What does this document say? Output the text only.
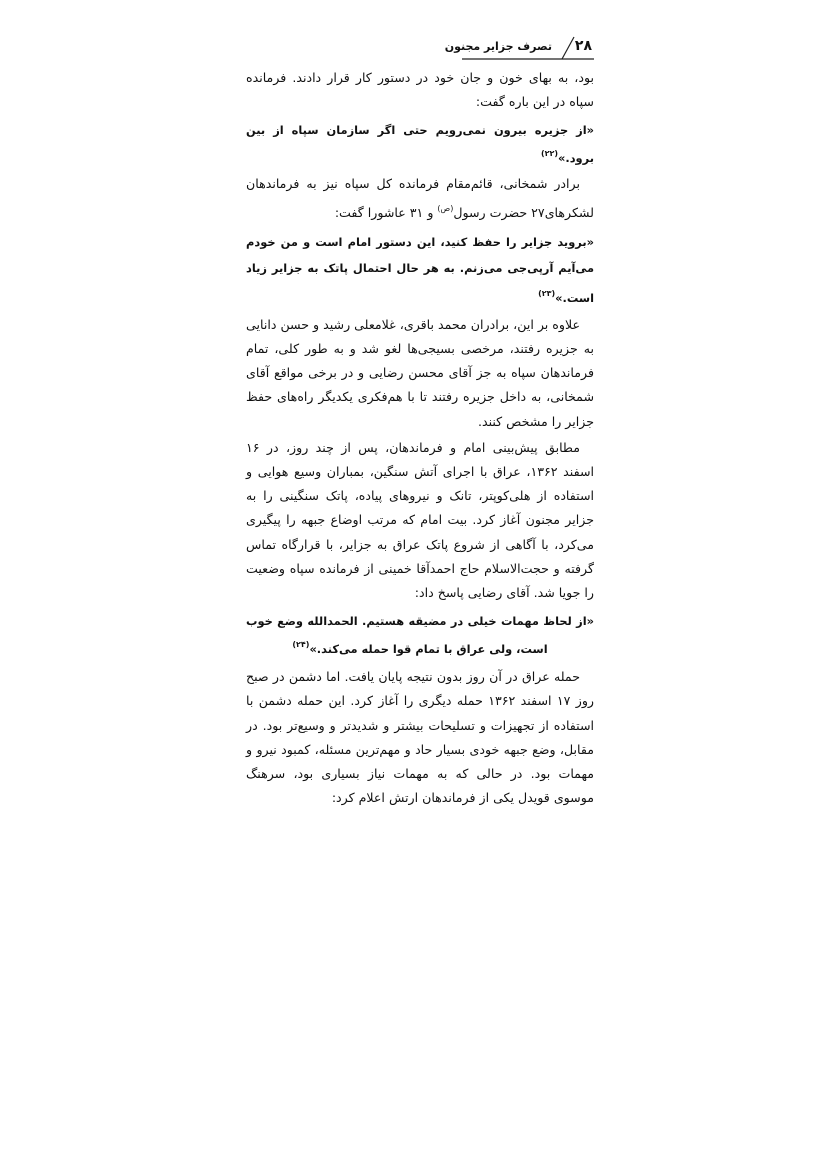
۲۸
تصرف جزایر مجنون

بود، به بهای خون و جان خود در دستور کار قرار دادند. فرمانده سپاه در این باره گفت:

«از جزیره بیرون نمی‌رویم حتی اگر سازمان سپاه از بین برود.»$^{(۲۲)}$

برادر شمخانی، قائم‌مقام فرمانده کل سپاه نیز به فرماندهان لشکرهای۲۷ حضرت رسول$^{(ص)}$ و ۳۱ عاشورا گفت:

«بروید جزایر را حفظ کنید، این دستور امام است و من خودم می‌آیم آرپی‌جی می‌زنم. به هر حال احتمال پاتک به جزایر زیاد است.»$^{(۲۳)}$

علاوه بر این، برادران محمد باقری، غلامعلی رشید و حسن دانایی به جزیره رفتند، مرخصی بسیجی‌ها لغو شد و به طور کلی، تمام فرماندهان سپاه به جز آقای محسن رضایی و در برخی مواقع آقای شمخانی، به داخل جزیره رفتند تا با هم‌فکری یکدیگر راه‌های حفظ جزایر را مشخص کنند.

مطابق پیش‌بینی امام و فرماندهان، پس از چند روز، در ۱۶ اسفند ۱۳۶۲، عراق با اجرای آتش سنگین، بمباران وسیع هوایی و استفاده از هلی‌کوپتر، تانک و نیروهای پیاده، پاتک سنگینی را به جزایر مجنون آغاز کرد. بیت امام که مرتب اوضاع جبهه را پیگیری می‌کرد، با آگاهی از شروع پاتک عراق به جزایر، با قرارگاه تماس گرفته و حجت‌الاسلام حاج احمدآقا خمینی از فرمانده سپاه وضعیت را جویا شد. آقای رضایی پاسخ داد:

«از لحاظ مهمات خیلی در مضیقه هستیم. الحمدالله وضع خوب

است، ولی عراق با تمام قوا حمله می‌کند.»$^{(۲۴)}$

حمله عراق در آن روز بدون نتیجه پایان یافت. اما دشمن در صبح روز ۱۷ اسفند ۱۳۶۲ حمله دیگری را آغاز کرد. این حمله دشمن با استفاده از تجهیزات و تسلیحات بیشتر و شدیدتر و وسیع‌تر بود. در مقابل، وضع جبهه خودی بسیار حاد و مهم‌ترین مسئله، کمبود نیرو و مهمات بود. در حالی که به مهمات نیاز بسیاری بود، سرهنگ موسوی قویدل یکی از فرماندهان ارتش اعلام کرد:
